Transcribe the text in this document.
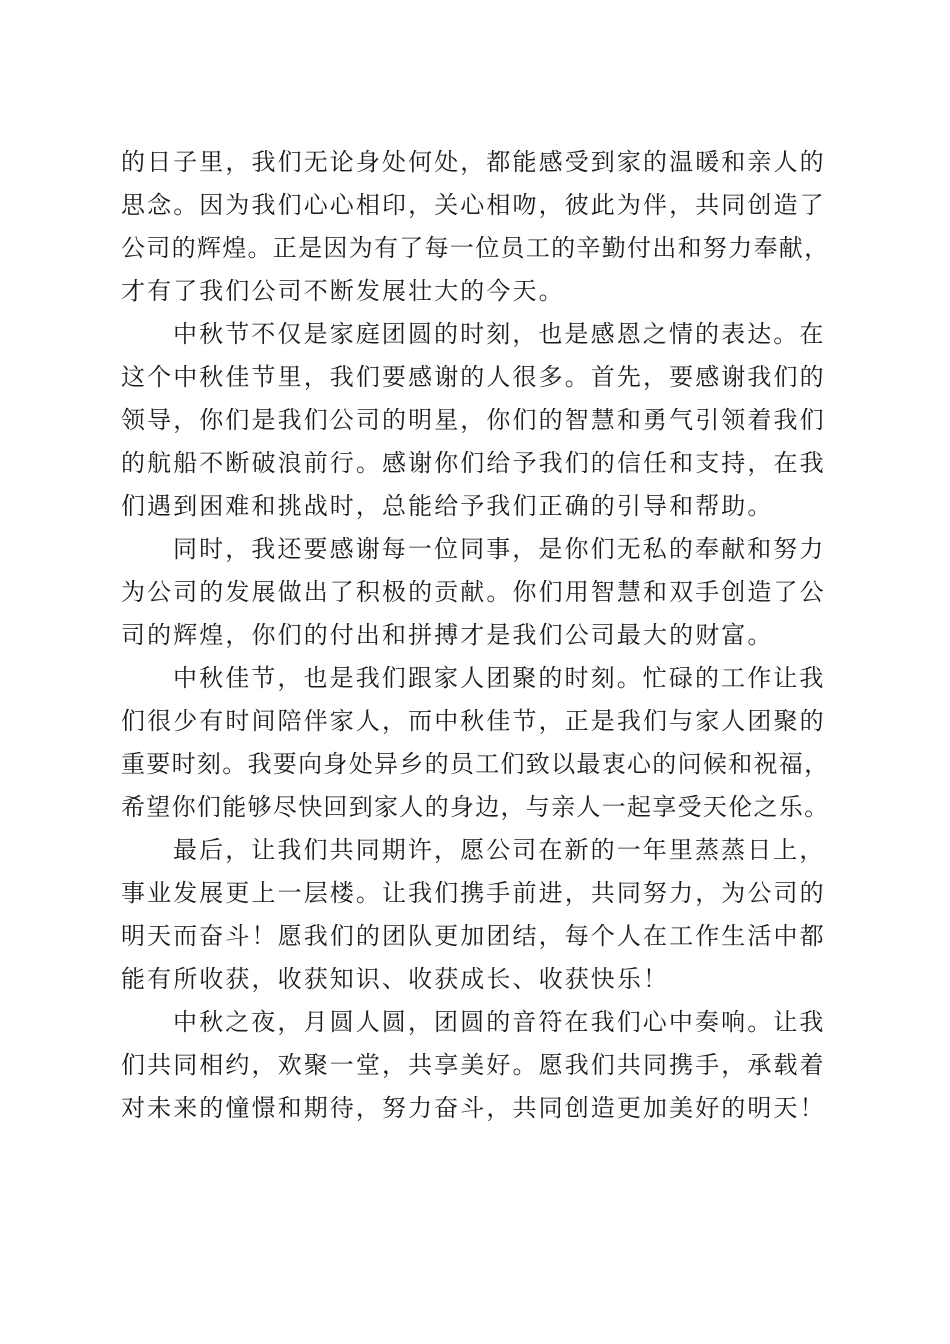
的日子里，我们无论身处何处，都能感受到家的温暖和亲人的
思念。因为我们心心相印，关心相吻，彼此为伴，共同创造了
公司的辉煌。正是因为有了每一位员工的辛勤付出和努力奉献，
才有了我们公司不断发展壮大的今天。
中秋节不仅是家庭团圆的时刻，也是感恩之情的表达。在
这个中秋佳节里，我们要感谢的人很多。首先，要感谢我们的
领导，你们是我们公司的明星，你们的智慧和勇气引领着我们
的航船不断破浪前行。感谢你们给予我们的信任和支持，在我
们遇到困难和挑战时，总能给予我们正确的引导和帮助。
同时，我还要感谢每一位同事，是你们无私的奉献和努力
为公司的发展做出了积极的贡献。你们用智慧和双手创造了公
司的辉煌，你们的付出和拼搏才是我们公司最大的财富。
中秋佳节，也是我们跟家人团聚的时刻。忙碌的工作让我
们很少有时间陪伴家人，而中秋佳节，正是我们与家人团聚的
重要时刻。我要向身处异乡的员工们致以最衷心的问候和祝福，
希望你们能够尽快回到家人的身边，与亲人一起享受天伦之乐。
最后，让我们共同期许，愿公司在新的一年里蒸蒸日上，
事业发展更上一层楼。让我们携手前进，共同努力，为公司的
明天而奋斗！愿我们的团队更加团结，每个人在工作生活中都
能有所收获，收获知识、收获成长、收获快乐！
中秋之夜，月圆人圆，团圆的音符在我们心中奏响。让我
们共同相约，欢聚一堂，共享美好。愿我们共同携手，承载着
对未来的憧憬和期待，努力奋斗，共同创造更加美好的明天！
